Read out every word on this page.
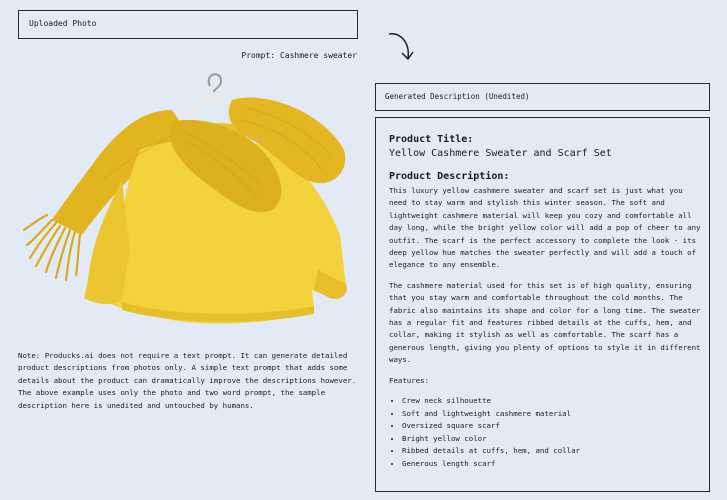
Uploaded Photo
Prompt: Cashmere sweater
Note: Producks.ai does not require a text prompt. It can generate detailed product descriptions from photos only. A simple text prompt that adds some details about the product can dramatically improve the descriptions however. The above example uses only the photo and two word prompt, the sample description here is unedited and untouched by humans.
Generated Description (Unedited)
Product Title:
Yellow Cashmere Sweater and Scarf Set
Product Description:
This luxury yellow cashmere sweater and scarf set is just what you need to stay warm and stylish this winter season. The soft and lightweight cashmere material will keep you cozy and comfortable all day long, while the bright yellow color will add a pop of cheer to any outfit. The scarf is the perfect accessory to complete the look - its deep yellow hue matches the sweater perfectly and will add a touch of elegance to any ensemble.
The cashmere material used for this set is of high quality, ensuring that you stay warm and comfortable throughout the cold months. The fabric also maintains its shape and color for a long time. The sweater has a regular fit and features ribbed details at the cuffs, hem, and collar, making it stylish as well as comfortable. The scarf has a generous length, giving you plenty of options to style it in different ways.
Features:
• Crew neck silhouette
• Soft and lightweight cashmere material
• Oversized square scarf
• Bright yellow color
• Ribbed details at cuffs, hem, and collar
• Generous length scarf
